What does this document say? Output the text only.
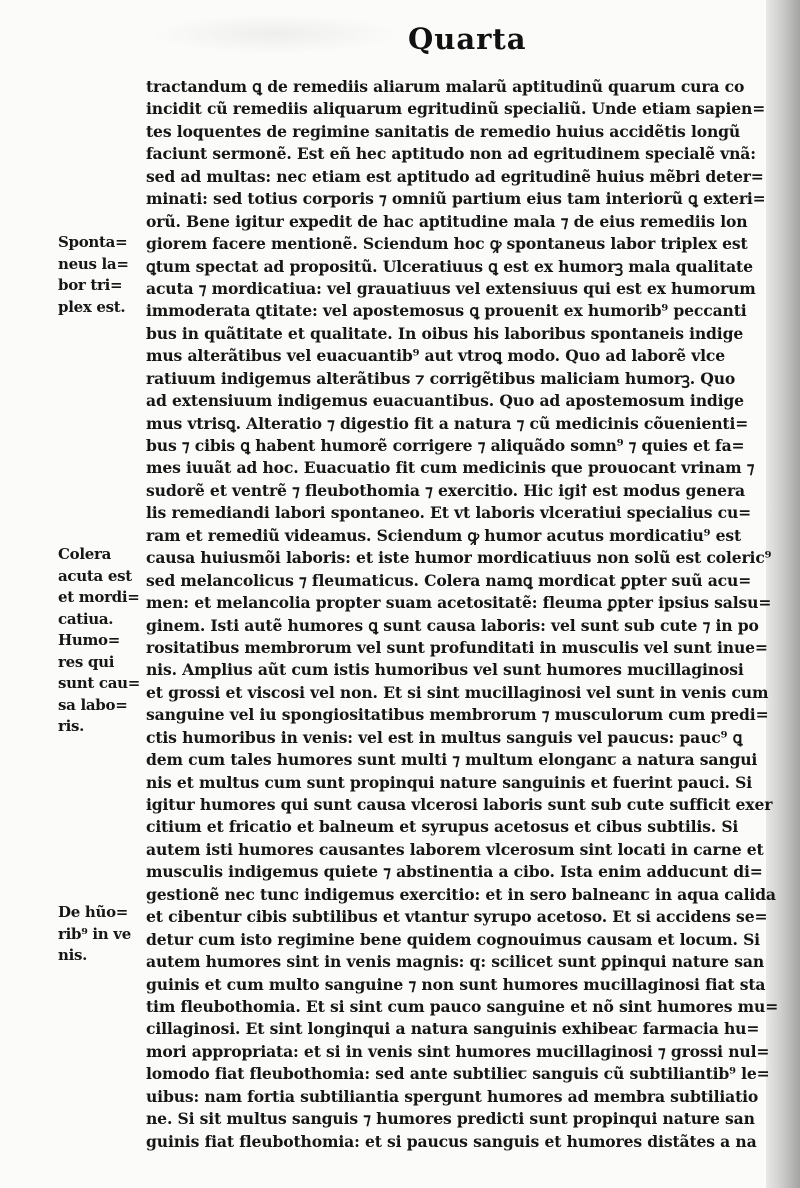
Quarta
Sponta=
neus la=
bor tri=
plex est.
Colera
acuta est
et mordi=
catiua.
Humo=
res qui
sunt cau=
sa labo=
ris.
De hũo=
rib⁹ in ve
nis.
tractandum ꝗ de remediis aliarum malarũ aptitudinũ quarum cura co
incidit cũ remediis aliquarum egritudinũ specialiũ. Unde etiam sapien=
tes loquentes de regimine sanitatis de remedio huius accidẽtis longũ
faciunt sermonẽ. Est eñ hec aptitudo non ad egritudinem specialẽ vnã:
sed ad multas: nec etiam est aptitudo ad egritudinẽ huius mẽbri deter=
minati: sed totius corporis ⁊ omniũ partium eius tam interiorũ ꝗ exteri=
orũ. Bene igitur expedit de hac aptitudine mala ⁊ de eius remediis lon
giorem facere mentionẽ. Sciendum hoc ꝙ spontaneus labor triplex est
ꝗtum spectat ad propositũ. Ulceratiuus ꝗ est ex humorꝫ mala qualitate
acuta ⁊ mordicatiua: vel grauatiuus vel extensiuus qui est ex humorum
immoderata ꝗtitate: vel apostemosus ꝗ prouenit ex humorib⁹ peccanti
bus in quãtitate et qualitate. In oibus his laboribus spontaneis indige
mus alterãtibus vel euacuantib⁹ aut vtroꝗ modo. Quo ad laborẽ vlce
ratiuum indigemus alterãtibus ⁊ corrigẽtibus maliciam humorꝫ. Quo
ad extensiuum indigemus euacuantibus. Quo ad apostemosum indige
mus vtrisꝗ. Alteratio ⁊ digestio fit a natura ⁊ cũ medicinis cõuenienti=
bus ⁊ cibis ꝗ habent humorẽ corrigere ⁊ aliquãdo somn⁹ ⁊ quies et fa=
mes iuuãt ad hoc. Euacuatio fit cum medicinis que prouocant vrinam ⁊
sudorẽ et ventrẽ ⁊ fleubothomia ⁊ exercitio. Hic igiꝉ est modus genera
lis remediandi labori spontaneo. Et vt laboris vlceratiui specialius cu=
ram et remediũ videamus. Sciendum ꝙ humor acutus mordicatiu⁹ est
causa huiusmõi laboris: et iste humor mordicatiuus non solũ est coleric⁹
sed melancolicus ⁊ fleumaticus. Colera namꝗ mordicat ꝑpter suũ acu=
men: et melancolia propter suam acetositatẽ: fleuma ꝑpter ipsius salsu=
ginem. Isti autẽ humores ꝗ sunt causa laboris: vel sunt sub cute ⁊ in po
rositatibus membrorum vel sunt profunditati in musculis vel sunt inue=
nis. Amplius aũt cum istis humoribus vel sunt humores mucillaginosi
et grossi et viscosi vel non. Et si sint mucillaginosi vel sunt in venis cum
sanguine vel iu spongiositatibus membrorum ⁊ musculorum cum predi=
ctis humoribus in venis: vel est in multus sanguis vel paucus: pauc⁹ ꝗ
dem cum tales humores sunt multi ⁊ multum elonganꞇ a natura sangui
nis et multus cum sunt propinqui nature sanguinis et fuerint pauci. Si
igitur humores qui sunt causa vlcerosi laboris sunt sub cute sufficit exer
citium et fricatio et balneum et syrupus acetosus et cibus subtilis. Si
autem isti humores causantes laborem vlcerosum sint locati in carne et
musculis indigemus quiete ⁊ abstinentia a cibo. Ista enim adducunt di=
gestionẽ nec tunc indigemus exercitio: et in sero balneanꞇ in aqua calida
et cibentur cibis subtilibus et vtantur syrupo acetoso. Et si accidens se=
detur cum isto regimine bene quidem cognouimus causam et locum. Si
autem humores sint in venis magnis: q: scilicet sunt ꝑpinqui nature san
guinis et cum multo sanguine ⁊ non sunt humores mucillaginosi fiat sta
tim fleubothomia. Et si sint cum pauco sanguine et nõ sint humores mu=
cillaginosi. Et sint longinqui a natura sanguinis exhibeaꞇ farmacia hu=
mori appropriata: et si in venis sint humores mucillaginosi ⁊ grossi nul=
lomodo fiat fleubothomia: sed ante subtilieꞇ sanguis cũ subtiliantib⁹ le=
uibus: nam fortia subtiliantia spergunt humores ad membra subtiliatio
ne. Si sit multus sanguis ⁊ humores predicti sunt propinqui nature san
guinis fiat fleubothomia: et si paucus sanguis et humores distãtes a na
